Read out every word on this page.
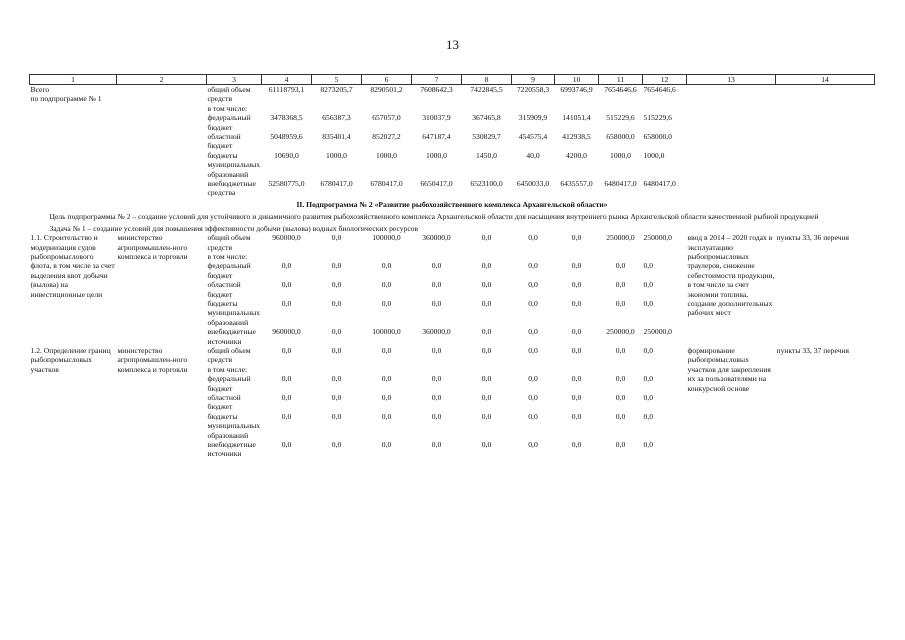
13
1	2	3	4	5	6	7	8	9	10	11	12	13	14
Всего
по подпрограмме № 1		общий объем средств	61118793,1	8273205,7	8290501,2	7608642,3	7422845,5	7220558,3	6993746,9	7654646,6	7654646,6		
		в том числе:											
		федеральный бюджет	3478368,5	656387,3	657057,0	310037,9	367465,8	315909,9	141051,4	515229,6	515229,6		
		областной бюджет	5048959,6	835401,4	852027,2	647187,4	530829,7	454575,4	412938,5	658000,0	658000,0		
		бюджеты муниципальных образований	10690,0	1000,0	1000,0	1000,0	1450,0	40,0	4200,0	1000,0	1000,0		
		внебюджетные средства	52580775,0	6780417,0	6780417,0	6650417,0	6523100,0	6450033,0	6435557,0	6480417,0	6480417,0		
II. Подпрограмма № 2 «Развитие рыбохозяйственного комплекса Архангельской области»													
Цель подпрограммы № 2 – создание условий для устойчивого и динамичного развития рыбохозяйственного комплекса Архангельской области для насыщения внутреннего рынка Архангельской области качественной рыбной продукцией													
Задача № 1 – создание условий для повышения эффективности добычи (вылова) водных биологических ресурсов													
1.1. Строительство и модернизация судов рыбопромыслового флота, в том числе за счет выделения квот добычи (вылова) на инвестиционные цели	министерство агропромышлен-ного комплекса и торговли	общий объем средств	960000,0	0,0	100000,0	360000,0	0,0	0,0	0,0	250000,0	250000,0	ввод в 2014 – 2020 годах в эксплуатацию рыбопромысловых траулеров, снижение себестоимости продукции, в том числе за счет экономии топлива, создание дополнительных рабочих мест	пункты 33, 36 перечня
		в том числе:											
		федеральный бюджет	0,0	0,0	0,0	0,0	0,0	0,0	0,0	0,0	0,0		
		областной бюджет	0,0	0,0	0,0	0,0	0,0	0,0	0,0	0,0	0,0		
		бюджеты муниципальных образований	0,0	0,0	0,0	0,0	0,0	0,0	0,0	0,0	0,0		
		внебюджетные источники	960000,0	0,0	100000,0	360000,0	0,0	0,0	0,0	250000,0	250000,0		
1.2. Определение границ рыбопромысловых участков	министерство агропромышлен-ного комплекса и торговли	общий объем средств	0,0	0,0	0,0	0,0	0,0	0,0	0,0	0,0	0,0	формирование рыбопромысловых участков для закрепления их за пользователями на конкурсной основе	пункты 33, 37 перечня
		в том числе:											
		федеральный бюджет	0,0	0,0	0,0	0,0	0,0	0,0	0,0	0,0	0,0		
		областной бюджет	0,0	0,0	0,0	0,0	0,0	0,0	0,0	0,0	0,0		
		бюджеты муниципальных образований	0,0	0,0	0,0	0,0	0,0	0,0	0,0	0,0	0,0		
		внебюджетные источники	0,0	0,0	0,0	0,0	0,0	0,0	0,0	0,0	0,0		
